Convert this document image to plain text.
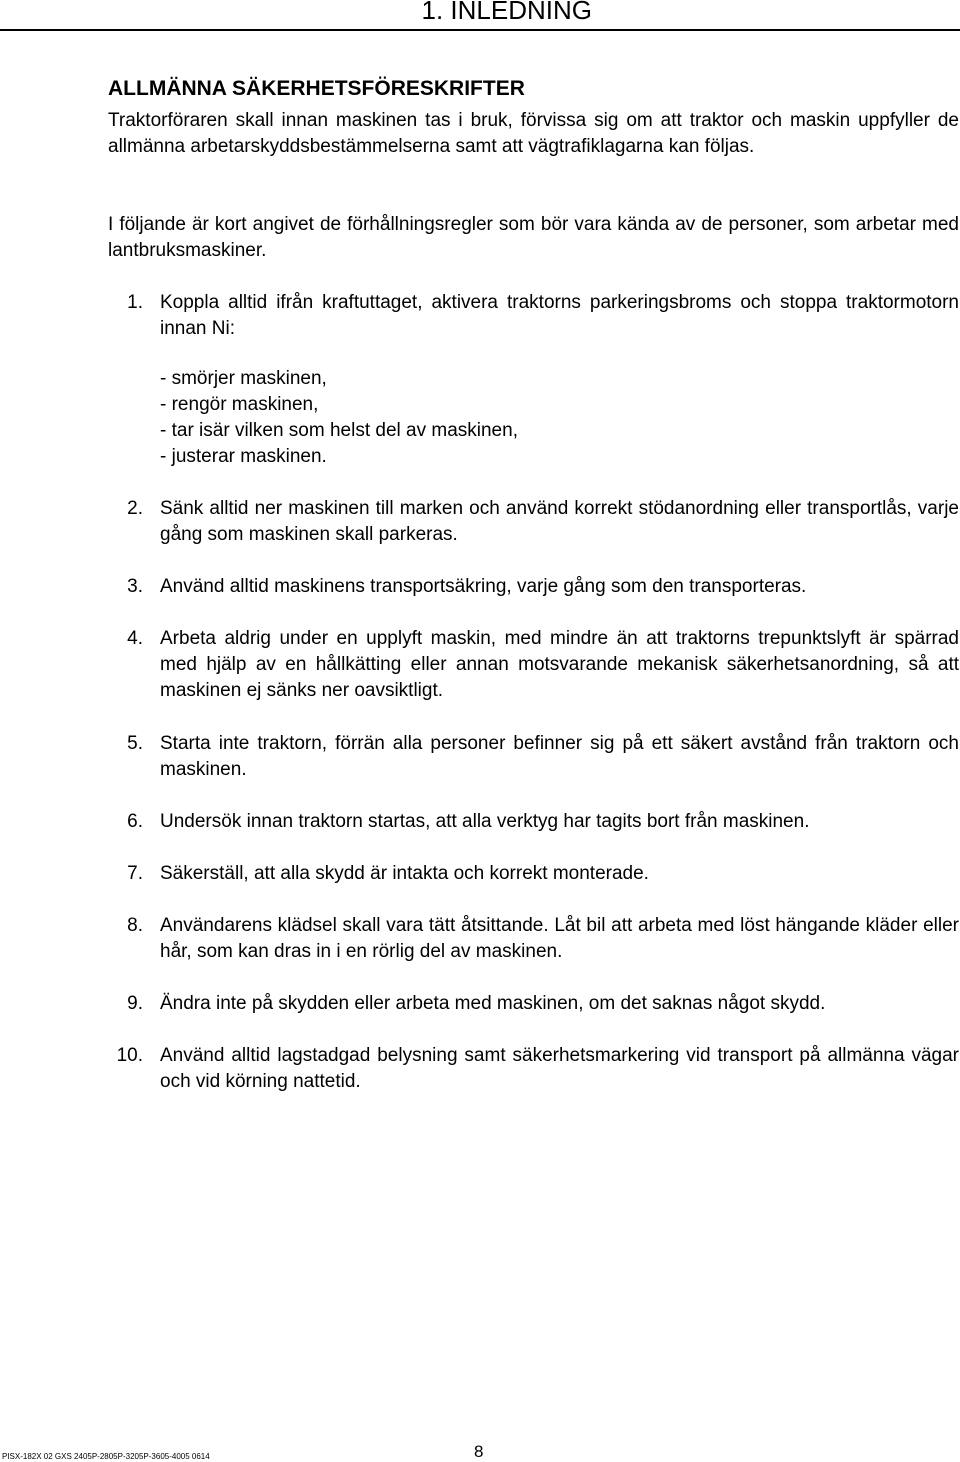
1. INLEDNING
ALLMÄNNA SÄKERHETSFÖRESKRIFTER
Traktorföraren skall innan maskinen tas i bruk, förvissa sig om att traktor och maskin uppfyller de allmänna arbetarskyddsbestämmelserna samt att vägtrafiklagarna kan följas.
I följande är kort angivet de förhållningsregler som bör vara kända av de personer, som arbetar med lantbruksmaskiner.
1. Koppla alltid ifrån kraftuttaget, aktivera traktorns parkeringsbroms och stoppa traktormotorn innan Ni:
- smörjer maskinen,
- rengör maskinen,
- tar isär vilken som helst del av maskinen,
- justerar maskinen.
2. Sänk alltid ner maskinen till marken och använd korrekt stödanordning eller transportlås, varje gång som maskinen skall parkeras.
3. Använd alltid maskinens transportsäkring, varje gång som den transporteras.
4. Arbeta aldrig under en upplyft maskin, med mindre än att traktorns trepunktslyft är spärrad med hjälp av en hållkätting eller annan motsvarande mekanisk säkerhetsanordning, så att maskinen ej sänks ner oavsiktligt.
5. Starta inte traktorn, förrän alla personer befinner sig på ett säkert avstånd från traktorn och maskinen.
6. Undersök innan traktorn startas, att alla verktyg har tagits bort från maskinen.
7. Säkerställ, att alla skydd är intakta och korrekt monterade.
8. Användarens klädsel skall vara tätt åtsittande. Låt bil att arbeta med löst hängande kläder eller hår, som kan dras in i en rörlig del av maskinen.
9. Ändra inte på skydden eller arbeta med maskinen, om det saknas något skydd.
10. Använd alltid lagstadgad belysning samt säkerhetsmarkering vid transport på allmänna vägar och vid körning nattetid.
PISX-182X 02 GXS 2405P-2805P-3205P-3605-4005 0614	8
